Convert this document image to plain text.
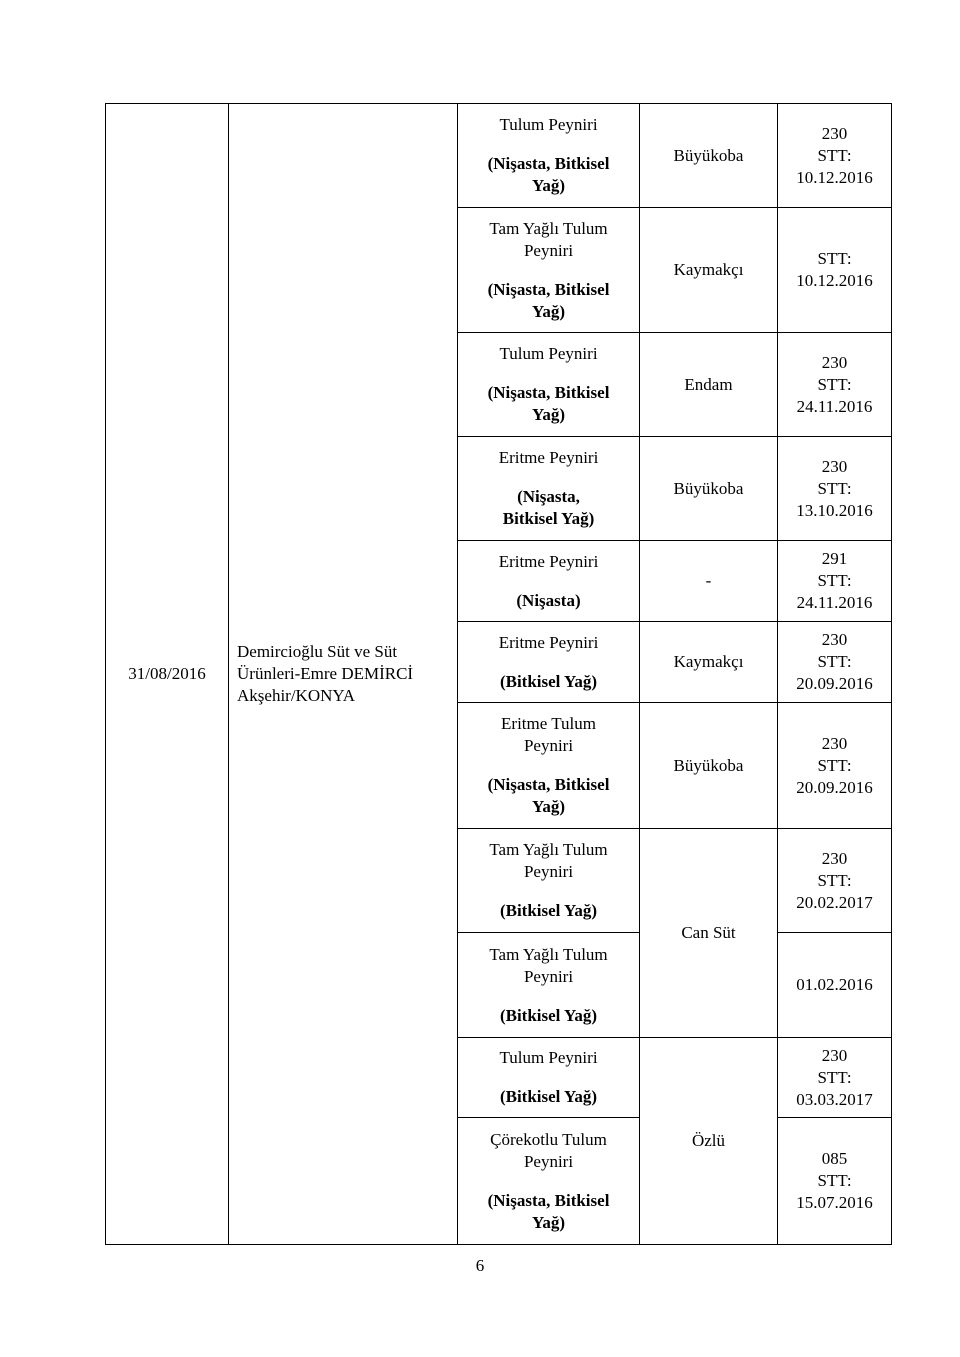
31/08/2016	Demircioğlu Süt ve Süt
Ürünleri-Emre DEMİRCİ
Akşehir/KONYA	Tulum Peyniri
(Nişasta, Bitkisel
Yağ)	Büyükoba	230
STT:
10.12.2016

		Tam Yağlı Tulum
Peyniri
(Nişasta, Bitkisel
Yağ)	Kaymakçı	STT:
10.12.2016

		Tulum Peyniri
(Nişasta, Bitkisel
Yağ)	Endam	230
STT:
24.11.2016

		Eritme Peyniri
(Nişasta,
Bitkisel Yağ)	Büyükoba	230
STT:
13.10.2016

		Eritme Peyniri
(Nişasta)	-	291
STT:
24.11.2016

		Eritme Peyniri
(Bitkisel Yağ)	Kaymakçı	230
STT:
20.09.2016

		Eritme Tulum
Peyniri
(Nişasta, Bitkisel
Yağ)	Büyükoba	230
STT:
20.09.2016

		Tam Yağlı Tulum
Peyniri
(Bitkisel Yağ)	Can Süt	230
STT:
20.02.2017

		Tam Yağlı Tulum
Peyniri
(Bitkisel Yağ)		01.02.2016

		Tulum Peyniri
(Bitkisel Yağ)	Özlü	230
STT:
03.03.2017

		Çörekotlu Tulum
Peyniri
(Nişasta, Bitkisel
Yağ)		085
STT:
15.07.2016
6
